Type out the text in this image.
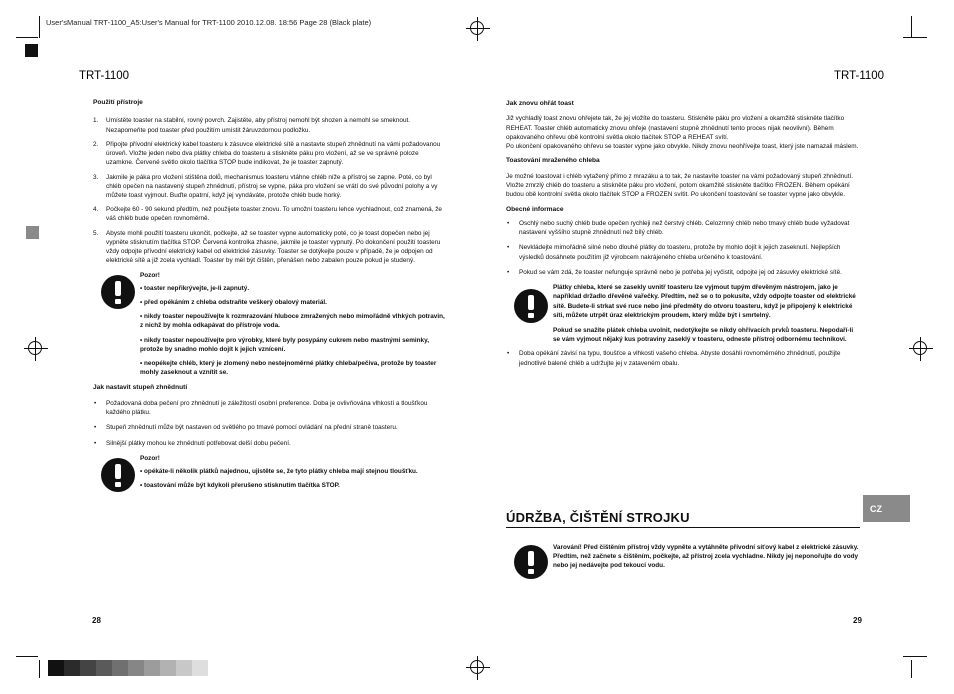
User'sManual TRT-1100_A5:User's Manual for TRT-1100 2010.12.08. 18:56 Page 28 (Black plate)
TRT-1100
28

Použití přístroje

1. Umístěte toaster na stabilní, rovný povrch. Zajistěte, aby přístroj nemohl být shozen a nemohl se smeknout. Nezapomeňte pod toaster před použitím umístit žáruvzdornou podložku.
2. Připojte přívodní elektrický kabel toasteru k zásuvce elektrické sítě a nastavte stupeň zhnědnutí na vámi požadovanou úroveň. Vložte jeden nebo dva plátky chleba do toasteru a stiskněte páku pro vložení, až se ve správné poloze uzamkne. Červené světlo okolo tlačítka STOP bude indikovat, že je toaster zapnutý.
3. Jakmile je páka pro vložení stištěna dolů, mechanismus toasteru vtáhne chléb níže a přístroj se zapne. Poté, co byl chléb opečen na nastavený stupeň zhnědnutí, přístroj se vypne, páka pro vložení se vrátí do své původní polohy a vy můžete toast vyjmout. Buďte opatrní, když jej vyndáváte, protože chléb bude horký.
4. Počkejte 60 - 90 sekund předtím, než použijete toaster znovu. To umožní toasteru lehce vychladnout, což znamená, že váš chléb bude opečen rovnoměrně.
5. Abyste mohli použití toasteru ukončit, počkejte, až se toaster vypne automaticky poté, co je toast dopečen nebo jej vypněte stisknutím tlačítka STOP. Červená kontrolka zhasne, jakmile je toaster vypnutý. Po dokončení použití toasteru vždy odpojte přívodní elektrický kabel od elektrické zásuvky. Toaster se dotýkejte pouze v případě, že je odpojen od elektrické sítě a již zcela vychladl. Toaster by měl být čištěn, přenášen nebo zabalen pouze pokud je studený.

Pozor!

• toaster nepřikrývejte, je-li zapnutý.
• před opékáním z chleba odstraňte veškerý obalový materiál.
• nikdy toaster nepoužívejte k rozmrazování hluboce zmražených nebo mimořádně vlhkých potravin, z nichž by mohla odkapávat do přístroje voda.
• nikdy toaster nepoužívejte pro výrobky, které byly posypány cukrem nebo mastnými seminky, protože by snadno mohlo dojít k jejich vznícení.
• neopékejte chléb, který je zlomený nebo nestejnoměrné plátky chleba/pečiva, protože by toaster mohly zaseknout a vznítit se.

Jak nastavit stupeň zhnědnutí

• Požadovaná doba pečení pro zhnědnutí je záležitostí osobní preference. Doba je ovlivňována vlhkostí a tloušťkou každého plátku.
• Stupeň zhnědnutí může být nastaven od světlého po tmavé pomocí ovládání na přední straně toasteru.
• Silnější plátky mohou ke zhnědnutí potřebovat delší dobu pečení.

Pozor!

• opékáte-li několik plátků najednou, ujistěte se, že tyto plátky chleba mají stejnou tloušťku.
• toastování může být kdykoli přerušeno stisknutím tlačítka STOP.
TRT-1100
29

Jak znovu ohřát toast

Již vychladlý toast znovu ohřejete tak, že jej vložíte do toasteru. Stiskněte páku pro vložení a okamžitě stiskněte tlačítko REHEAT. Toaster chléb automaticky znovu ohřeje (nastavení stupně zhnědnutí tento proces nijak neovlivní). Během opakovaného ohřevu obě kontrolní světla okolo tlačítek STOP a REHEAT svítí.

Po ukončení opakovaného ohřevu se toaster vypne jako obvykle. Nikdy znovu neohřívejte toast, který jste namazali máslem.

Toastování mraženého chleba

Je možné toastovat i chléb vytažený přímo z mrazáku a to tak, že nastavíte toaster na vámi požadovaný stupeň zhnědnutí. Vložte zmrzlý chléb do toasteru a stiskněte páku pro vložení, potom okamžitě stiskněte tlačítko FROZEN. Během opékání budou obě kontrolní světla okolo tlačítek STOP a FROZEN svítit. Po ukončení toastování se toaster vypne jako obvykle.

Obecné informace

• Oschlý nebo suchý chléb bude opečen rychleji než čerstvý chléb. Celozrnný chléb nebo tmavý chléb bude vyžadovat nastavení vyššího stupně zhnědnutí než bílý chléb.
• Nevkládejte mimořádně silné nebo dlouhé plátky do toasteru, protože by mohlo dojít k jejich zaseknutí. Nejlepších výsledků dosáhnete použitím již výrobcem nakrájeného chleba určeného k toastování.
• Pokud se vám zdá, že toaster nefunguje správně nebo je potřeba jej vyčistit, odpojte jej od zásuvky elektrické sítě.

Plátky chleba, které se zasekly uvnitř toasteru lze vyjmout tupým dřevěným nástrojem, jako je například držadlo dřevěné vařečky. Předtím, než se o to pokusíte, vždy odpojte toaster od elektrické sítě. Budete-li strkat své ruce nebo jiné předměty do otvoru toasteru, když je připojený k elektrické síti, můžete utrpět úraz elektrickým proudem, který může být i smrtelný.

Pokud se snažíte plátek chleba uvolnit, nedotýkejte se nikdy ohřívacích prvků toasteru. Nepodaří-li se vám vyjmout nějaký kus potraviny zaseklý v toasteru, odneste přístroj odbornému technikovi.

• Doba opékání závisí na typu, tloušťce a vlhkosti vašeho chleba. Abyste dosáhli rovnoměrného zhnědnutí, použijte jednotlivé balené chléb a udržujte jej v zataveném obalu.
ÚDRŽBA, ČIŠTĚNÍ STROJKU
CZ

Varování! Před čištěním přístroj vždy vypněte a vytáhněte přívodní síťový kabel z elektrické zásuvky. Předtím, než začnete s čištěním, počkejte, až přístroj zcela vychladne. Nikdy jej neponořujte do vody nebo jej nedávejte pod tekoucí vodu.
